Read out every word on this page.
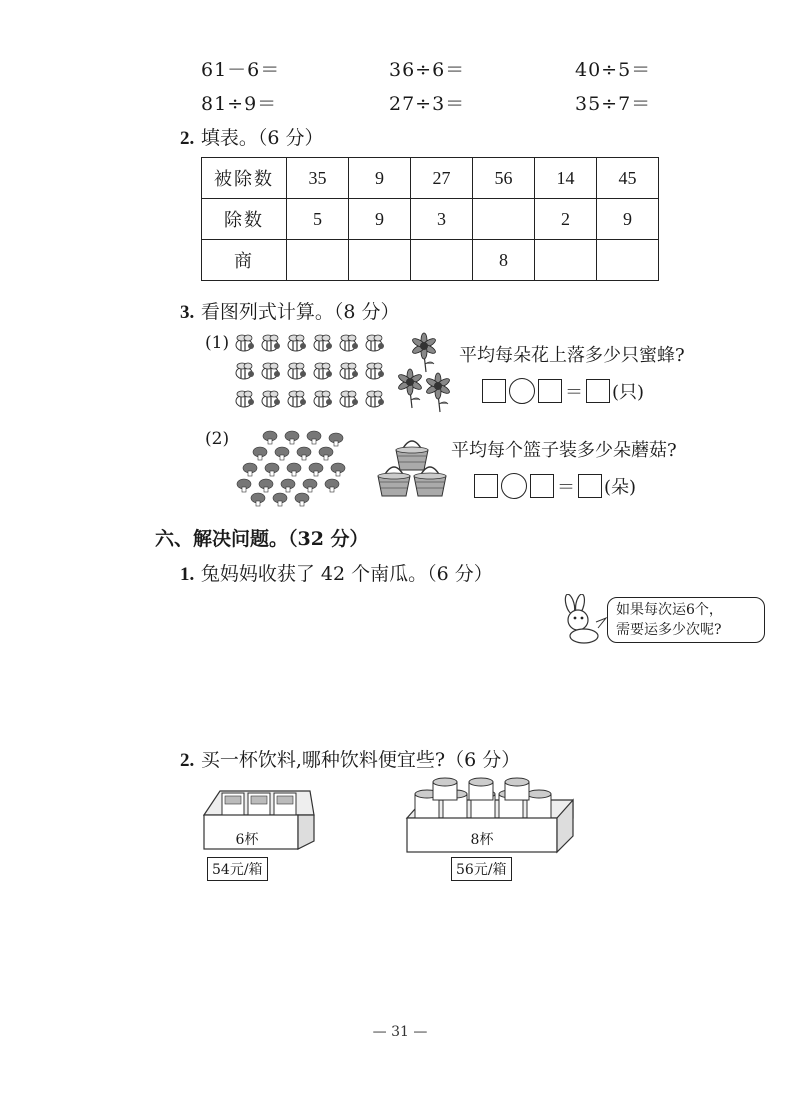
61－6＝	36÷6＝	40÷5＝
81÷9＝	27÷3＝	35÷7＝
2. 填表。（6 分）
被除数	35	9	27	56	14	45
除数	5	9	3		2	9
商				8		
3. 看图列式计算。（8 分）
(1)
平均每朵花上落多少只蜜蜂?
＝ (只)
(2)
平均每个篮子装多少朵蘑菇?
＝ (朵)
六、解决问题。（32 分）
1. 兔妈妈收获了 42 个南瓜。（6 分）
如果每次运6个，
需要运多少次呢?
2. 买一杯饮料,哪种饮料便宜些?（6 分）
6杯
54元/箱
8杯
56元/箱
— 31 —
